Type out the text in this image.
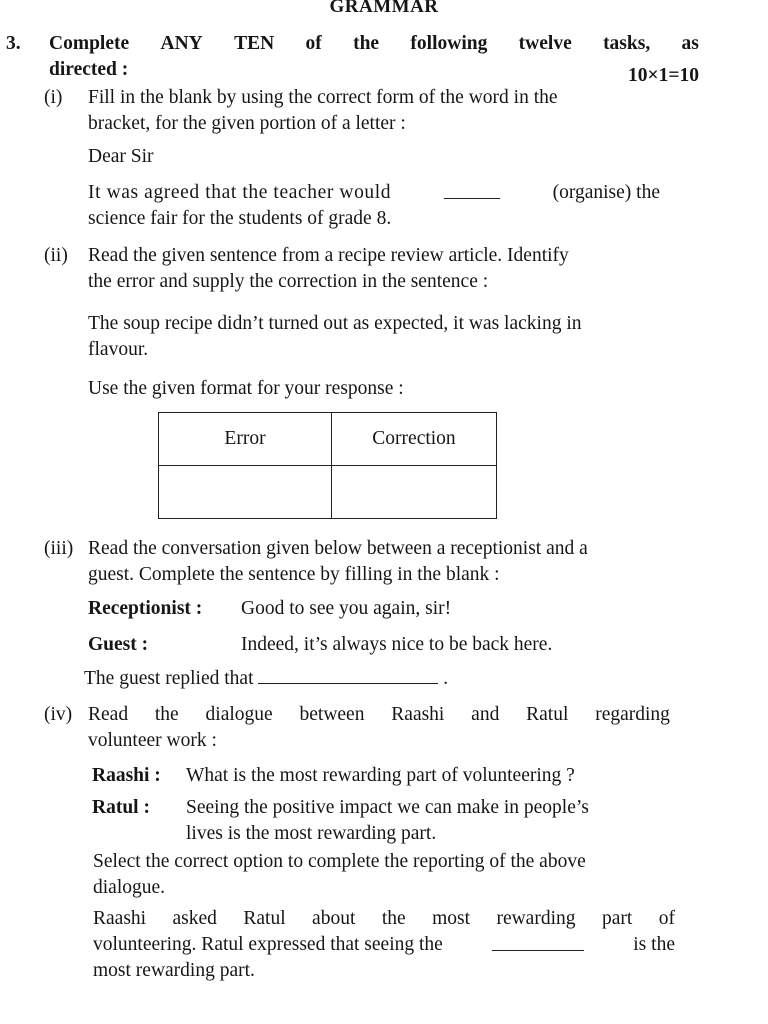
GRAMMAR
3. Complete ANY TEN of the following twelve tasks, as
directed :	10×1=10
(i) Fill in the blank by using the correct form of the word in the
bracket, for the given portion of a letter :
Dear Sir
It was agreed that the teacher would	(organise) the
science fair for the students of grade 8.
(ii) Read the given sentence from a recipe review article. Identify
the error and supply the correction in the sentence :
The soup recipe didn’t turned out as expected, it was lacking in
flavour.
Use the given format for your response :
Error	Correction

(iii) Read the conversation given below between a receptionist and a
guest. Complete the sentence by filling in the blank :
Receptionist : Good to see you again, sir!
Guest :	Indeed, it’s always nice to be back here.
The guest replied that	.
(iv) Read the dialogue between Raashi and Ratul regarding
volunteer work :
Raashi : What is the most rewarding part of volunteering ?
Ratul : Seeing the positive impact we can make in people’s
lives is the most rewarding part.
Select the correct option to complete the reporting of the above
dialogue.
Raashi asked Ratul about the most rewarding part of
volunteering. Ratul expressed that seeing the	is the
most rewarding part.
